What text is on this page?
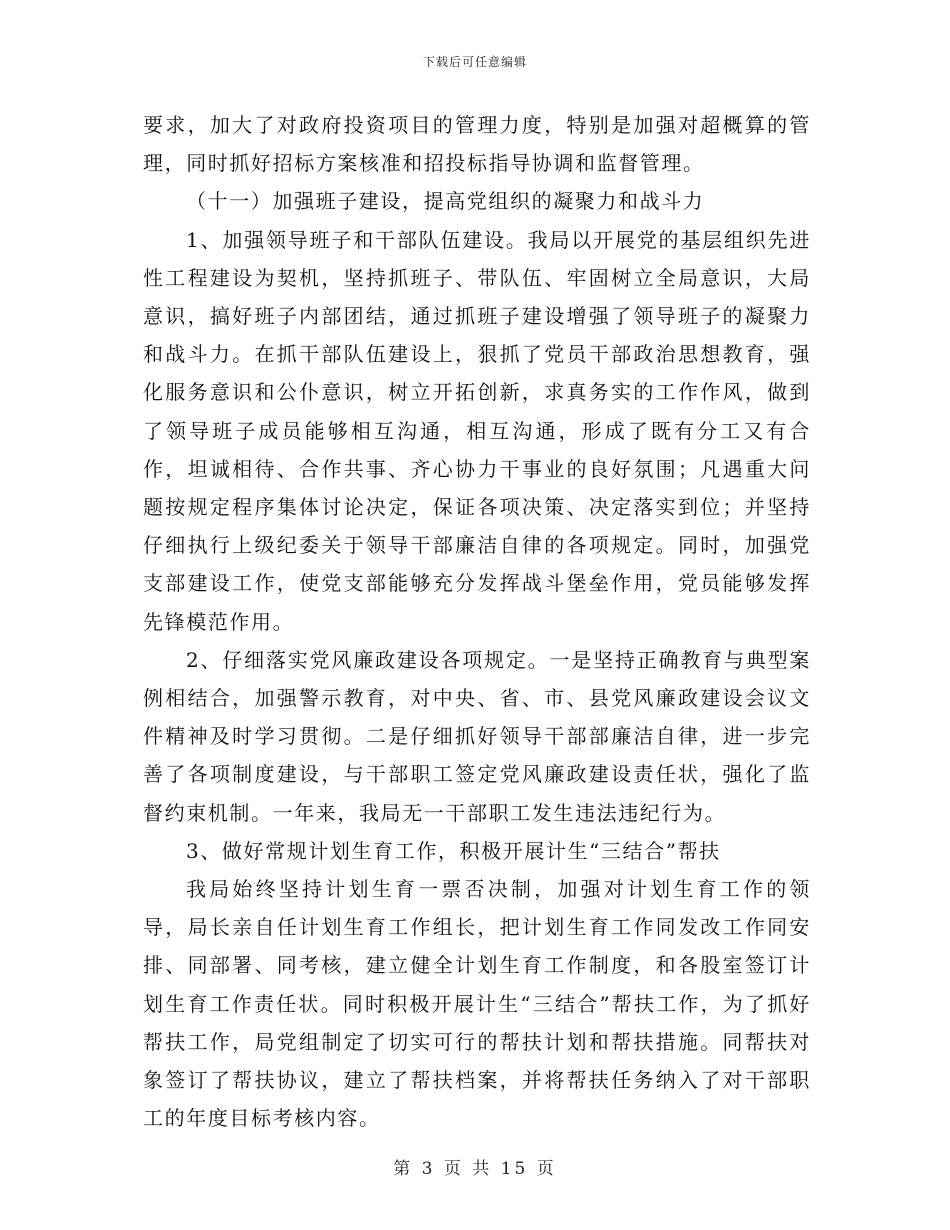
下载后可任意编辑

要求，加大了对政府投资项目的管理力度，特别是加强对超概算的管理，同时抓好招标方案核准和招投标指导协调和监督管理。

（十一）加强班子建设，提高党组织的凝聚力和战斗力

1、加强领导班子和干部队伍建设。我局以开展党的基层组织先进性工程建设为契机，坚持抓班子、带队伍、牢固树立全局意识，大局意识，搞好班子内部团结，通过抓班子建设增强了领导班子的凝聚力和战斗力。在抓干部队伍建设上，狠抓了党员干部政治思想教育，强化服务意识和公仆意识，树立开拓创新，求真务实的工作作风，做到了领导班子成员能够相互沟通，相互沟通，形成了既有分工又有合作，坦诚相待、合作共事、齐心协力干事业的良好氛围；凡遇重大问题按规定程序集体讨论决定，保证各项决策、决定落实到位；并坚持仔细执行上级纪委关于领导干部廉洁自律的各项规定。同时，加强党支部建设工作，使党支部能够充分发挥战斗堡垒作用，党员能够发挥先锋模范作用。

2、仔细落实党风廉政建设各项规定。一是坚持正确教育与典型案例相结合，加强警示教育，对中央、省、市、县党风廉政建设会议文件精神及时学习贯彻。二是仔细抓好领导干部部廉洁自律，进一步完善了各项制度建设，与干部职工签定党风廉政建设责任状，强化了监督约束机制。一年来，我局无一干部职工发生违法违纪行为。

3、做好常规计划生育工作，积极开展计生“三结合”帮扶

我局始终坚持计划生育一票否决制，加强对计划生育工作的领导，局长亲自任计划生育工作组长，把计划生育工作同发改工作同安排、同部署、同考核，建立健全计划生育工作制度，和各股室签订计划生育工作责任状。同时积极开展计生“三结合”帮扶工作，为了抓好帮扶工作，局党组制定了切实可行的帮扶计划和帮扶措施。同帮扶对象签订了帮扶协议，建立了帮扶档案，并将帮扶任务纳入了对干部职工的年度目标考核内容。

第 3 页 共 15 页
